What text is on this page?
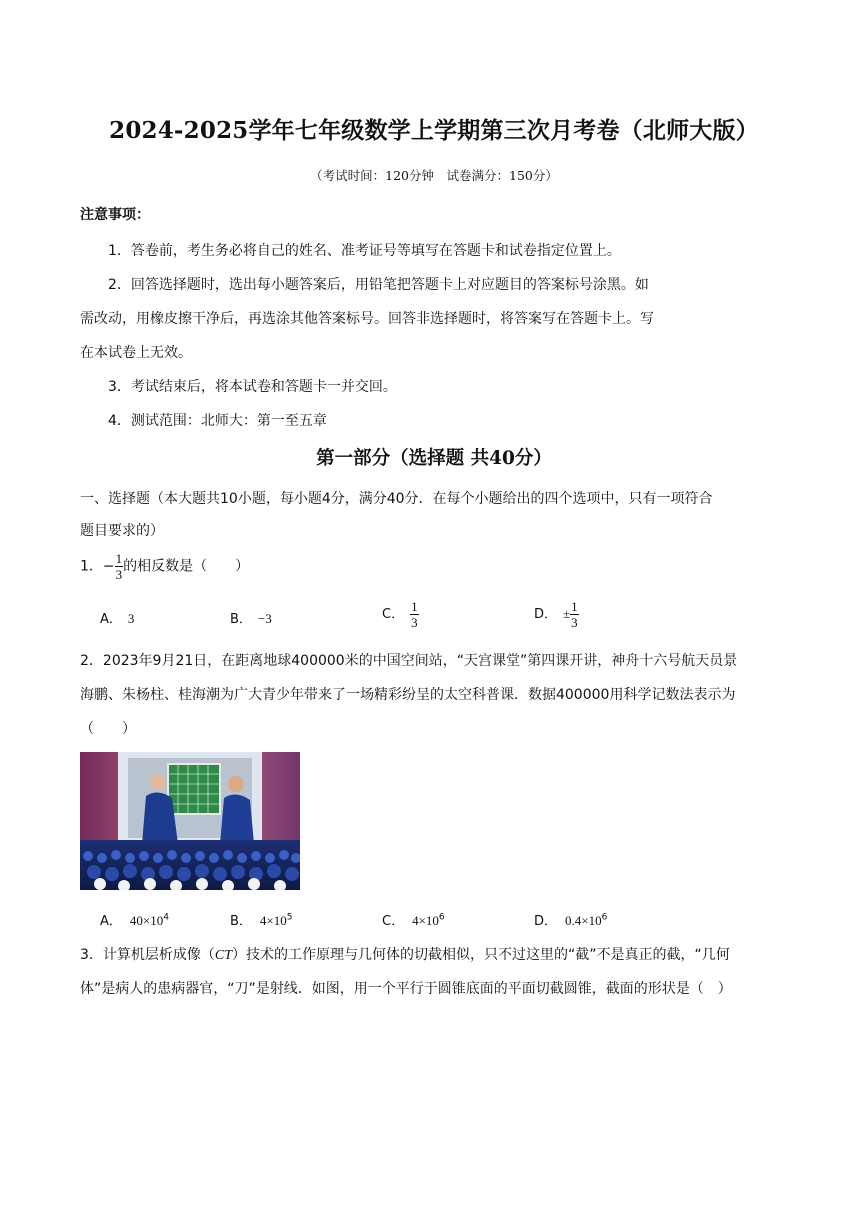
2024-2025学年七年级数学上学期第三次月考卷（北师大版）
（考试时间：120分钟　试卷满分：150分）
注意事项：
1．答卷前，考生务必将自己的姓名、准考证号等填写在答题卡和试卷指定位置上。
2．回答选择题时，选出每小题答案后，用铅笔把答题卡上对应题目的答案标号涂黑。如
需改动，用橡皮擦干净后，再选涂其他答案标号。回答非选择题时，将答案写在答题卡上。写
在本试卷上无效。
3．考试结束后，将本试卷和答题卡一并交回。
4．测试范围：北师大：第一至五章
第一部分（选择题 共40分）
一、选择题（本大题共10小题，每小题4分，满分40分．在每个小题给出的四个选项中，只有一项符合
题目要求的）
1．− $\frac{1}{3}$ 的相反数是（　　）
A． 3	B． −3	C． $\frac{1}{3}$	D． ± $\frac{1}{3}$
2．2023年9月21日，在距离地球400000米的中国空间站，“天宫课堂”第四课开讲，神舟十六号航天员景
海鹏、朱杨柱、桂海潮为广大青少年带来了一场精彩纷呈的太空科普课．数据400000用科学记数法表示为
（　　）
A． $40\times 10^4$	B． $4\times 10^5$	C． $4\times 10^6$	D． $0.4\times 10^6$
3．计算机层析成像（CT）技术的工作原理与几何体的切截相似，只不过这里的“截”不是真正的截，“几何
体”是病人的患病器官，“刀”是射线．如图，用一个平行于圆锥底面的平面切截圆锥，截面的形状是（　）
